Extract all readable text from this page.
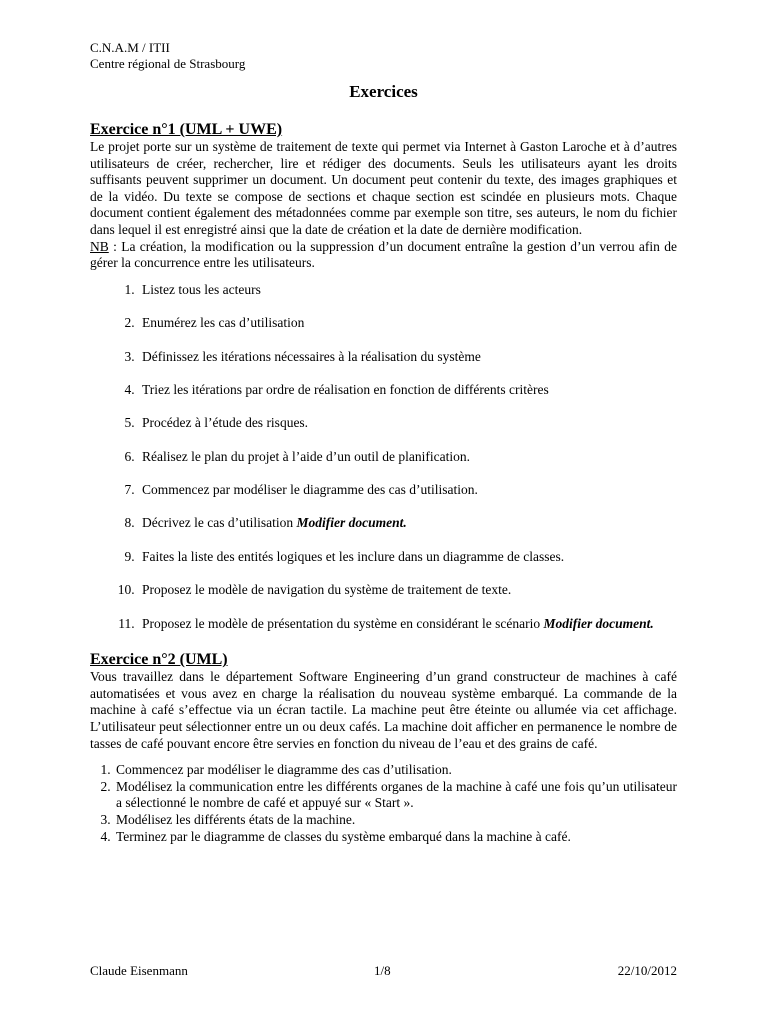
C.N.A.M / ITII
Centre régional de Strasbourg
Exercices
Exercice n°1 (UML + UWE)
Le projet porte sur un système de traitement de texte qui permet via Internet à Gaston Laroche et à d’autres utilisateurs de créer, rechercher, lire et rédiger des documents. Seuls les utilisateurs ayant les droits suffisants peuvent supprimer un document. Un document peut contenir du texte, des images graphiques et de la vidéo. Du texte se compose de sections et chaque section est scindée en plusieurs mots. Chaque document contient également des métadonnées comme par exemple son titre, ses auteurs, le nom du fichier dans lequel il est enregistré ainsi que la date de création et la date de dernière modification.
NB : La création, la modification ou la suppression d’un document entraîne la gestion d’un verrou afin de gérer la concurrence entre les utilisateurs.
1. Listez tous les acteurs
2. Enumérez les cas d’utilisation
3. Définissez les itérations nécessaires à la réalisation du système
4. Triez les itérations par ordre de réalisation en fonction de différents critères
5. Procédez à l’étude des risques.
6. Réalisez le plan du projet à l’aide d’un outil de planification.
7. Commencez par modéliser le diagramme des cas d’utilisation.
8. Décrivez le cas d’utilisation Modifier document.
9. Faites la liste des entités logiques et les inclure dans un diagramme de classes.
10. Proposez le modèle de navigation du système de traitement de texte.
11. Proposez le modèle de présentation du système en considérant le scénario Modifier document.
Exercice n°2 (UML)
Vous travaillez dans le département Software Engineering d’un grand constructeur de machines à café automatisées et vous avez en charge la réalisation du nouveau système embarqué. La commande de la machine à café s’effectue via un écran tactile. La machine peut être éteinte ou allumée via cet affichage. L’utilisateur peut sélectionner entre un ou deux cafés. La machine doit afficher en permanence le nombre de tasses de café pouvant encore être servies en fonction du niveau de l’eau et des grains de café.
1. Commencez par modéliser le diagramme des cas d’utilisation.
2. Modélisez la communication entre les différents organes de la machine à café une fois qu’un utilisateur a sélectionné le nombre de café et appuyé sur « Start ».
3. Modélisez les différents états de la machine.
4. Terminez par le diagramme de classes du système embarqué dans la machine à café.
Claude Eisenmann	1/8	22/10/2012
